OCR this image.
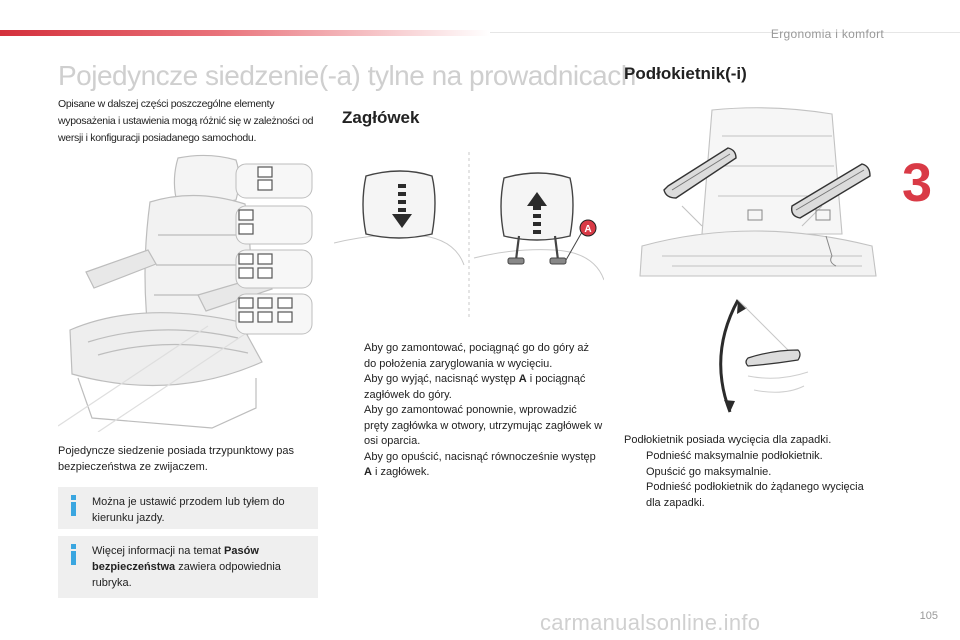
Ergonomia i komfort
3
Pojedyncze siedzenie(-a) tylne na prowadnicach
Opisane w dalszej części poszczególne elementy wyposażenia i ustawienia mogą różnić się w zależności od wersji i konfiguracji posiadanego samochodu.
Pojedyncze siedzenie posiada trzypunktowy pas bezpieczeństwa ze zwijaczem.
Można je ustawić przodem lub tyłem do kierunku jazdy.
Więcej informacji na temat Pasów bezpieczeństwa zawiera odpowiednia rubryka.
Zagłówek
A
Aby go zamontować, pociągnąć go do góry aż do położenia zaryglowania w wycięciu.
Aby go wyjąć, nacisnąć występ A i pociągnąć zagłówek do góry.
Aby go zamontować ponownie, wprowadzić pręty zagłówka w otwory, utrzymując zagłówek w osi oparcia.
Aby go opuścić, nacisnąć równocześnie występ A i zagłówek.
Podłokietnik(-i)
Podłokietnik posiada wycięcia dla zapadki.
Podnieść maksymalnie podłokietnik.
Opuścić go maksymalnie.
Podnieść podłokietnik do żądanego wycięcia dla zapadki.
105
carmanualsonline.info
